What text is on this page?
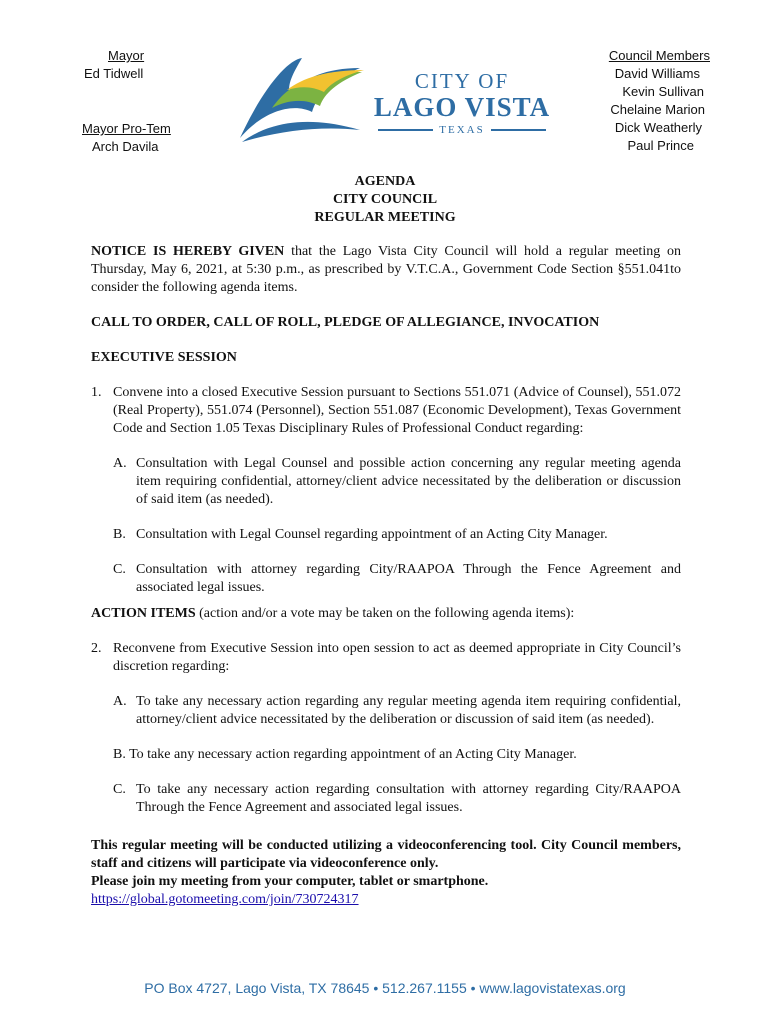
Mayor
Ed Tidwell
Mayor Pro-Tem
Arch Davila
CITY OF
LAGO VISTA
TEXAS
Council Members
David Williams
Kevin Sullivan
Chelaine Marion
Dick Weatherly
Paul Prince
AGENDA
CITY COUNCIL
REGULAR MEETING

NOTICE IS HEREBY GIVEN that the Lago Vista City Council will hold a regular meeting on Thursday, May 6, 2021, at 5:30 p.m., as prescribed by V.T.C.A., Government Code Section §551.041to consider the following agenda items.

CALL TO ORDER, CALL OF ROLL, PLEDGE OF ALLEGIANCE, INVOCATION

EXECUTIVE SESSION

1. Convene into a closed Executive Session pursuant to Sections 551.071 (Advice of Counsel), 551.072 (Real Property), 551.074 (Personnel), Section 551.087 (Economic Development), Texas Government Code and Section 1.05 Texas Disciplinary Rules of Professional Conduct regarding:

A. Consultation with Legal Counsel and possible action concerning any regular meeting agenda item requiring confidential, attorney/client advice necessitated by the deliberation or discussion of said item (as needed).

B. Consultation with Legal Counsel regarding appointment of an Acting City Manager.

C. Consultation with attorney regarding City/RAAPOA Through the Fence Agreement and associated legal issues.

ACTION ITEMS (action and/or a vote may be taken on the following agenda items):

2. Reconvene from Executive Session into open session to act as deemed appropriate in City Council’s discretion regarding:

A. To take any necessary action regarding any regular meeting agenda item requiring confidential, attorney/client advice necessitated by the deliberation or discussion of said item (as needed).

B. To take any necessary action regarding appointment of an Acting City Manager.

C. To take any necessary action regarding consultation with attorney regarding City/RAAPOA Through the Fence Agreement and associated legal issues.

This regular meeting will be conducted utilizing a videoconferencing tool. City Council members, staff and citizens will participate via videoconference only.

Please join my meeting from your computer, tablet or smartphone.

https://global.gotomeeting.com/join/730724317
PO Box 4727, Lago Vista, TX 78645 • 512.267.1155 • www.lagovistatexas.org
